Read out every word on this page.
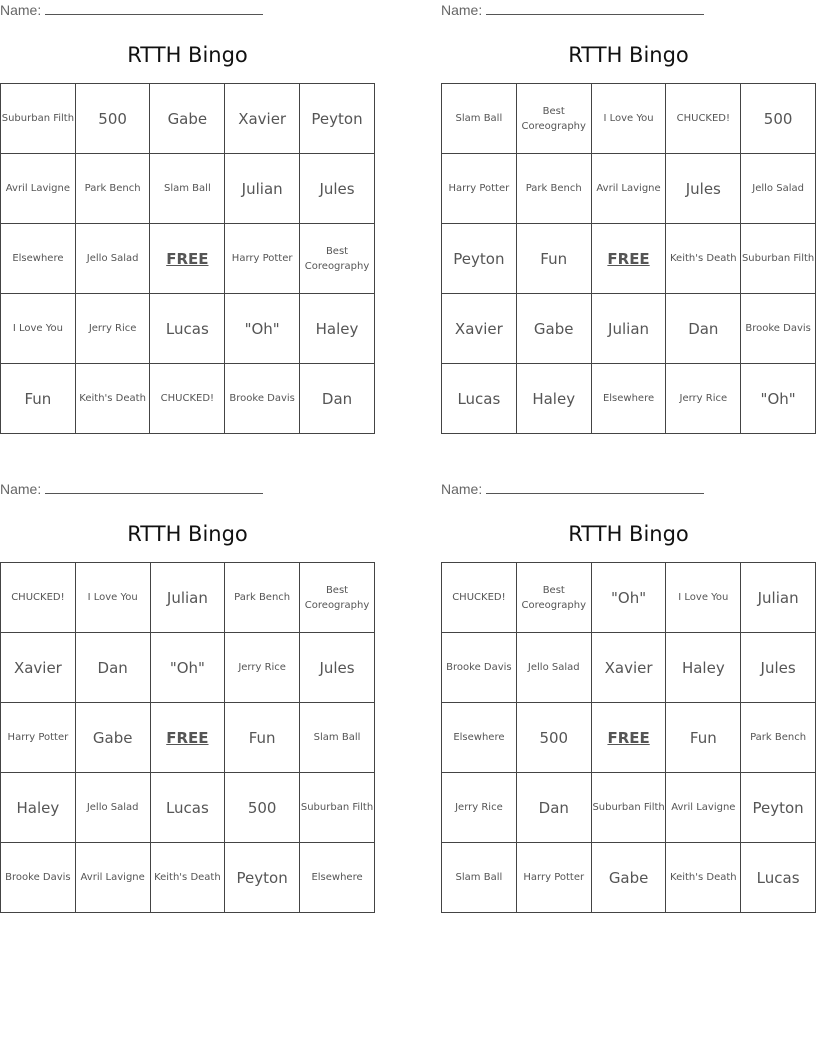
Name:
RTTH Bingo
Suburban Filth	500	Gabe	Xavier	Peyton
Avril Lavigne	Park Bench	Slam Ball	Julian	Jules
Elsewhere	Jello Salad	FREE	Harry Potter	Best Coreography
I Love You	Jerry Rice	Lucas	"Oh"	Haley
Fun	Keith's Death	CHUCKED!	Brooke Davis	Dan
Name:
RTTH Bingo
Slam Ball	Best Coreography	I Love You	CHUCKED!	500
Harry Potter	Park Bench	Avril Lavigne	Jules	Jello Salad
Peyton	Fun	FREE	Keith's Death	Suburban Filth
Xavier	Gabe	Julian	Dan	Brooke Davis
Lucas	Haley	Elsewhere	Jerry Rice	"Oh"
Name:
RTTH Bingo
CHUCKED!	I Love You	Julian	Park Bench	Best Coreography
Xavier	Dan	"Oh"	Jerry Rice	Jules
Harry Potter	Gabe	FREE	Fun	Slam Ball
Haley	Jello Salad	Lucas	500	Suburban Filth
Brooke Davis	Avril Lavigne	Keith's Death	Peyton	Elsewhere
Name:
RTTH Bingo
CHUCKED!	Best Coreography	"Oh"	I Love You	Julian
Brooke Davis	Jello Salad	Xavier	Haley	Jules
Elsewhere	500	FREE	Fun	Park Bench
Jerry Rice	Dan	Suburban Filth	Avril Lavigne	Peyton
Slam Ball	Harry Potter	Gabe	Keith's Death	Lucas
